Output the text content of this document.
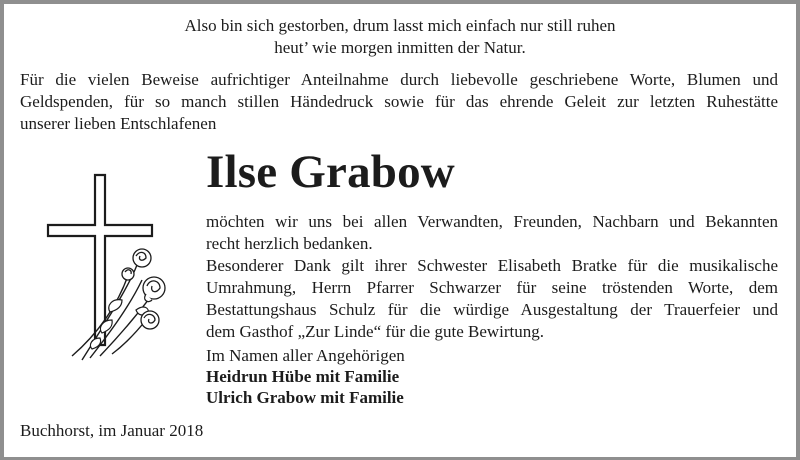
Also bin sich gestorben, drum lasst mich einfach nur still ruhen
heut’ wie morgen inmitten der Natur.
Für die vielen Beweise aufrichtiger Anteilnahme durch liebevolle geschriebene Worte, Blumen und
Geldspenden, für so manch stillen Händedruck sowie für das ehrende Geleit zur letzten Ruhestätte
unserer lieben Entschlafenen
Ilse Grabow
möchten wir uns bei allen Verwandten, Freunden, Nachbarn und Bekannten
recht herzlich bedanken.
Besonderer Dank gilt ihrer Schwester Elisabeth Bratke für die musikalische
Umrahmung, Herrn Pfarrer Schwarzer für seine tröstenden Worte, dem
Bestattungshaus Schulz für die würdige Ausgestaltung der Trauerfeier und
dem Gasthof „Zur Linde“ für die gute Bewirtung.
Im Namen aller Angehörigen
Heidrun Hübe mit Familie
Ulrich Grabow mit Familie
Buchhorst, im Januar 2018
